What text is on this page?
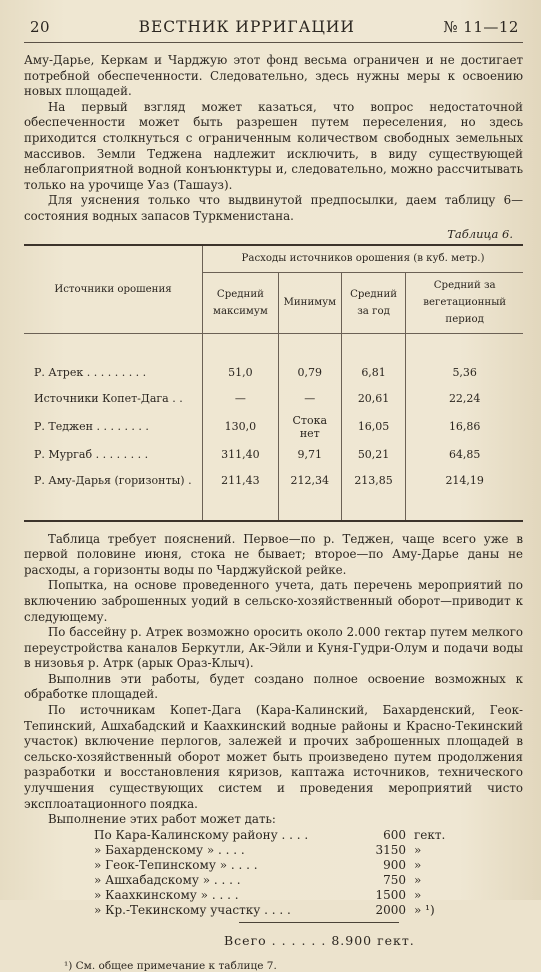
20	ВЕСТНИК ИРРИГАЦИИ	№ 11—12

Аму-Дарье, Керкам и Чарджую этот фонд весьма ограничен и не достигает потребной обеспеченности. Следовательно, здесь нужны меры к освоению новых площадей.

На первый взгляд может казаться, что вопрос недостаточной обеспеченности может быть разрешен путем переселения, но здесь приходится столкнуться с ограниченным количеством свободных земельных массивов. Земли Теджена надлежит исключить, в виду существующей неблагоприятной водной конъюнктуры и, следовательно, можно рассчитывать только на урочище Уаз (Ташауз).

Для уяснения только что выдвинутой предпосылки, даем таблицу 6—состояния водных запасов Туркменистана.

Таблица 6.
Источники орошения	Расходы источников орошения (в куб. метр.)			
	Средний максимум	Минимум	Средний за год	Средний за вегетационный период

Р. Атрек . . . . . . . . .	51,0	0,79	6,81	5,36
Источники Копет-Дага . .	—	—	20,61	22,24
Р. Теджен . . . . . . . .	130,0	Стока нет	16,05	16,86
Р. Мургаб . . . . . . . .	311,40	9,71	50,21	64,85
Р. Аму-Дарья (горизонты) .	211,43	212,34	213,85	214,19

Таблица требует пояснений. Первое—по р. Теджен, чаще всего уже в первой половине июня, стока не бывает; второе—по Аму-Дарье даны не расходы, а горизонты воды по Чарджуйской рейке.

Попытка, на основе проведенного учета, дать перечень мероприятий по включению заброшенных уодий в сельско-хозяйственный оборот—приводит к следующему.

По бассейну р. Атрек возможно оросить около 2.000 гектар путем мелкого переустройства каналов Беркутли, Ак-Эйли и Куня-Гудри-Олум и подачи воды в низовья р. Атрк (арык Ораз-Клыч).

Выполнив эти работы, будет создано полное освоение возможных к обработке площадей.

По источникам Копет-Дага (Кара-Калинский, Бахарденский, Геок-Тепинский, Ашхабадский и Каахкинский водные районы и Красно-Текинский участок) включение перлогов, залежей и прочих заброшенных площадей в сельско-хозяйственный оборот может быть произведено путем продолжения разработки и восстановления кяризов, каптажа источников, технического улучшения существующих систем и проведения мероприятий чисто эксплоатационного поядка.

Выполнение этих работ может дать:

По Кара-Калинскому району . . . .	600	гект.
» Бахарденскому » . . . .	3150	»
» Геок-Тепинскому » . . . .	900	»
» Ашхабадскому » . . . .	750	»
» Каахкинскому » . . . .	1500	»
» Кр.-Текинскому участку . . . .	2000	» ¹)
Всего . . . . . . 8.900 гект.
¹) См. общее примечание к таблице 7.
